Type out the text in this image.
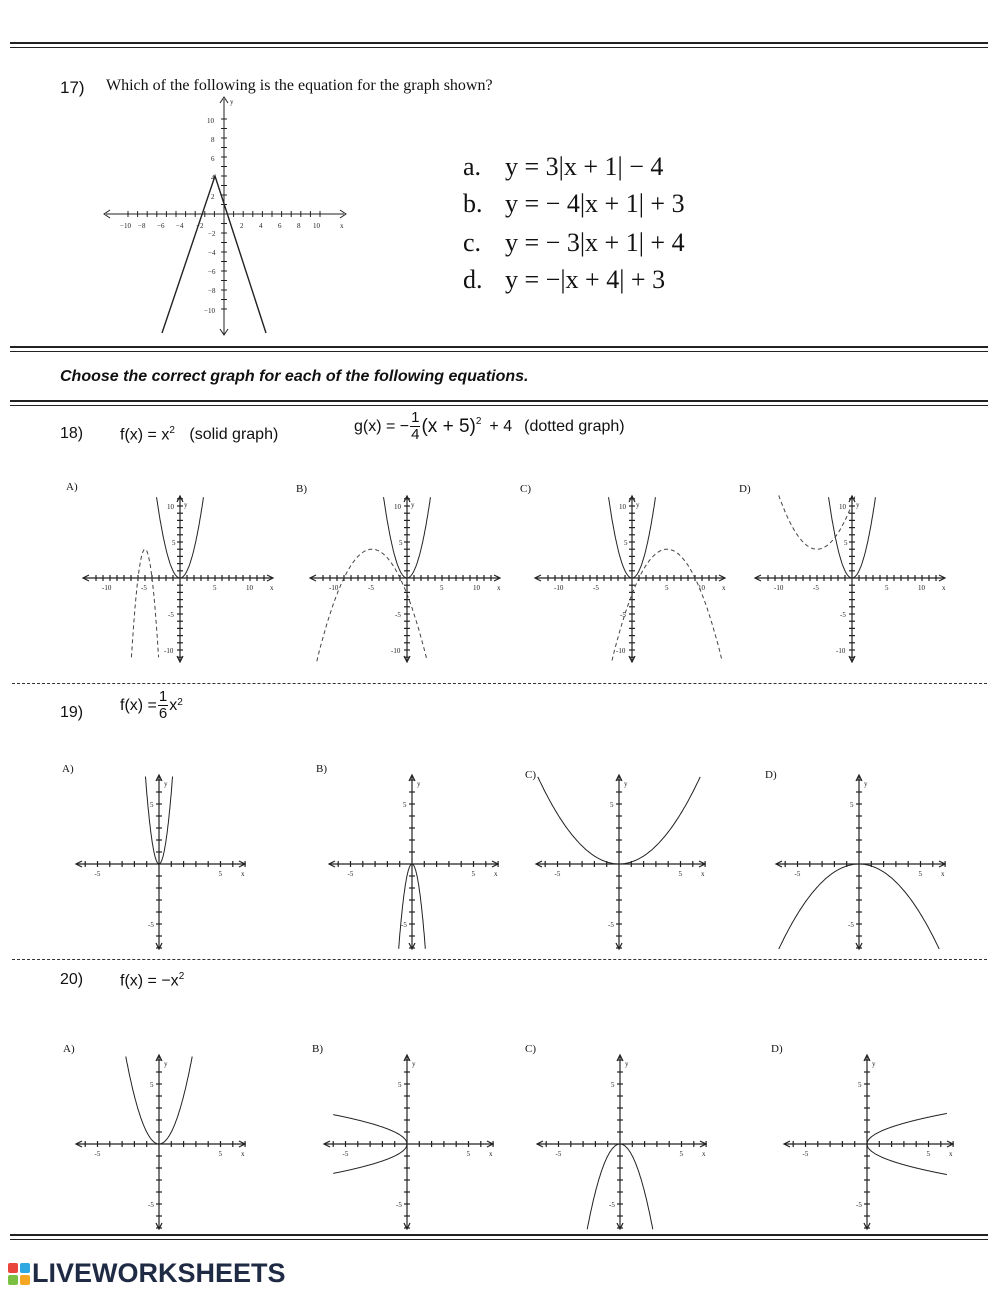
17) Which of the following is the equation for the graph shown?
−10 −8 −6 −4 −2	2 4 6 8 10	x
y
10
8
6
4
2
−2
−4
−6
−8
−10
a. y = 3|x + 1| − 4
b. y = − 4|x + 1| + 3
c. y = − 3|x + 1| + 4
d. y = −|x + 4| + 3
Choose the correct graph for each of the following equations.
18) $f(x) = x^2$ (solid graph)
g(x) = − $\frac{1}{4} (x + 5)^2 + 4$ (dotted graph)
A)	B)	C)	D)
-10	-5	5	10 x
10 y
5
-5
-10
-10	-5	5	10 x
10 y
5
-5
-10
-10	-5	5	10 x
10 y
5
-5
-10
-10	-5	5	10 x
10 y
5
-5
-10
19) $f(x) = \frac{1}{6}$ x 2
A)	B)	C)	D)
-5	5	x
y
5
-5
-5	5	x
y
5
-5
-5	5	x
y
5
-5
-5	5	x
y
5
-5
20) $f(x) = -x^2$
A)	B)	C)	D)
-5	5	x
y
5
-5
-5	5	x
y
5
-5
-5	5	x
y
5
-5
-5	5	x
y
5
-5
LIVEWORKSHEETS
